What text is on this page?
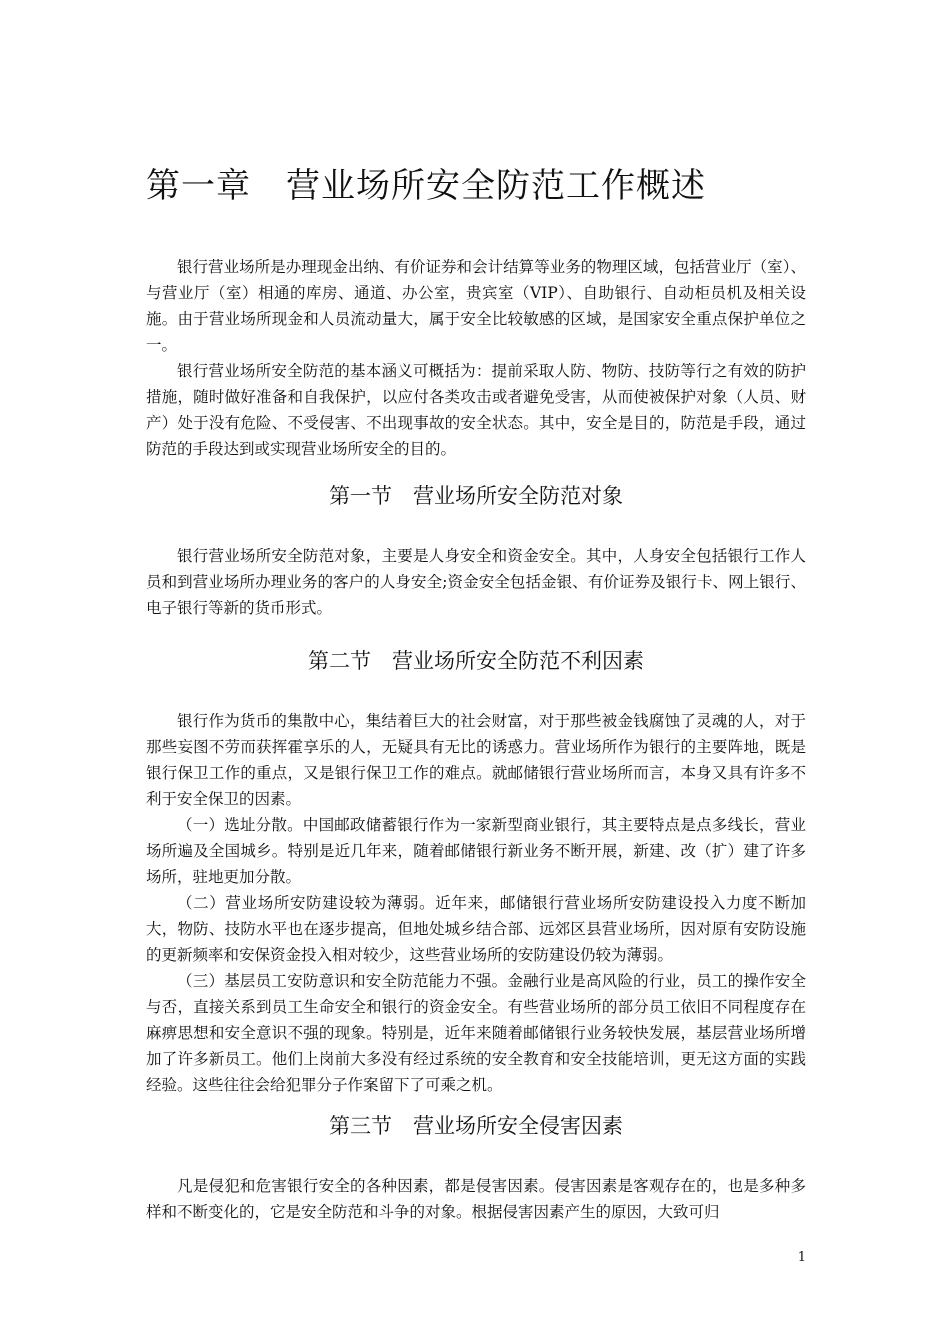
第一章　营业场所安全防范工作概述

银行营业场所是办理现金出纳、有价证券和会计结算等业务的物理区域，包括营业厅（室）、与营业厅（室）相通的库房、通道、办公室，贵宾室（VIP）、自助银行、自动柜员机及相关设施。由于营业场所现金和人员流动量大，属于安全比较敏感的区域，是国家安全重点保护单位之一。

银行营业场所安全防范的基本涵义可概括为：提前采取人防、物防、技防等行之有效的防护措施，随时做好准备和自我保护，以应付各类攻击或者避免受害，从而使被保护对象（人员、财产）处于没有危险、不受侵害、不出现事故的安全状态。其中，安全是目的，防范是手段，通过防范的手段达到或实现营业场所安全的目的。

第一节　营业场所安全防范对象

银行营业场所安全防范对象，主要是人身安全和资金安全。其中，人身安全包括银行工作人员和到营业场所办理业务的客户的人身安全;资金安全包括金银、有价证券及银行卡、网上银行、电子银行等新的货币形式。

第二节　营业场所安全防范不利因素

银行作为货币的集散中心，集结着巨大的社会财富，对于那些被金钱腐蚀了灵魂的人，对于那些妄图不劳而获挥霍享乐的人，无疑具有无比的诱惑力。营业场所作为银行的主要阵地，既是银行保卫工作的重点，又是银行保卫工作的难点。就邮储银行营业场所而言，本身又具有许多不利于安全保卫的因素。

（一）选址分散。中国邮政储蓄银行作为一家新型商业银行，其主要特点是点多线长，营业场所遍及全国城乡。特别是近几年来，随着邮储银行新业务不断开展，新建、改（扩）建了许多场所，驻地更加分散。

（二）营业场所安防建设较为薄弱。近年来，邮储银行营业场所安防建设投入力度不断加大，物防、技防水平也在逐步提高，但地处城乡结合部、远郊区县营业场所，因对原有安防设施的更新频率和安保资金投入相对较少，这些营业场所的安防建设仍较为薄弱。

（三）基层员工安防意识和安全防范能力不强。金融行业是高风险的行业，员工的操作安全与否，直接关系到员工生命安全和银行的资金安全。有些营业场所的部分员工依旧不同程度存在麻痹思想和安全意识不强的现象。特别是，近年来随着邮储银行业务较快发展，基层营业场所增加了许多新员工。他们上岗前大多没有经过系统的安全教育和安全技能培训，更无这方面的实践经验。这些往往会给犯罪分子作案留下了可乘之机。

第三节　营业场所安全侵害因素

凡是侵犯和危害银行安全的各种因素，都是侵害因素。侵害因素是客观存在的，也是多种多样和不断变化的，它是安全防范和斗争的对象。根据侵害因素产生的原因，大致可归

1
